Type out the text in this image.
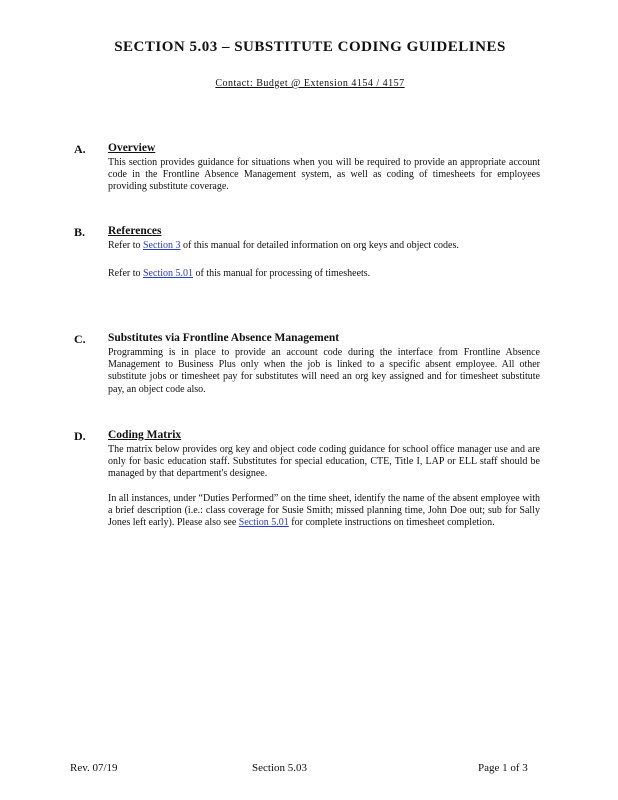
SECTION 5.03 – SUBSTITUTE CODING GUIDELINES
Contact: Budget @ Extension 4154 / 4157
A. Overview

This section provides guidance for situations when you will be required to provide an appropriate account code in the Frontline Absence Management system, as well as coding of timesheets for employees providing substitute coverage.

B. References

Refer to Section 3 of this manual for detailed information on org keys and object codes.

Refer to Section 5.01 of this manual for processing of timesheets.

C. Substitutes via Frontline Absence Management

Programming is in place to provide an account code during the interface from Frontline Absence Management to Business Plus only when the job is linked to a specific absent employee. All other substitute jobs or timesheet pay for substitutes will need an org key assigned and for timesheet substitute pay, an object code also.

D. Coding Matrix

The matrix below provides org key and object code coding guidance for school office manager use and are only for basic education staff. Substitutes for special education, CTE, Title I, LAP or ELL staff should be managed by that department's designee.

In all instances, under “Duties Performed” on the time sheet, identify the name of the absent employee with a brief description (i.e.: class coverage for Susie Smith; missed planning time, John Doe out; sub for Sally Jones left early). Please also see Section 5.01 for complete instructions on timesheet completion.

Rev. 07/19	Section 5.03	Page 1 of 3
